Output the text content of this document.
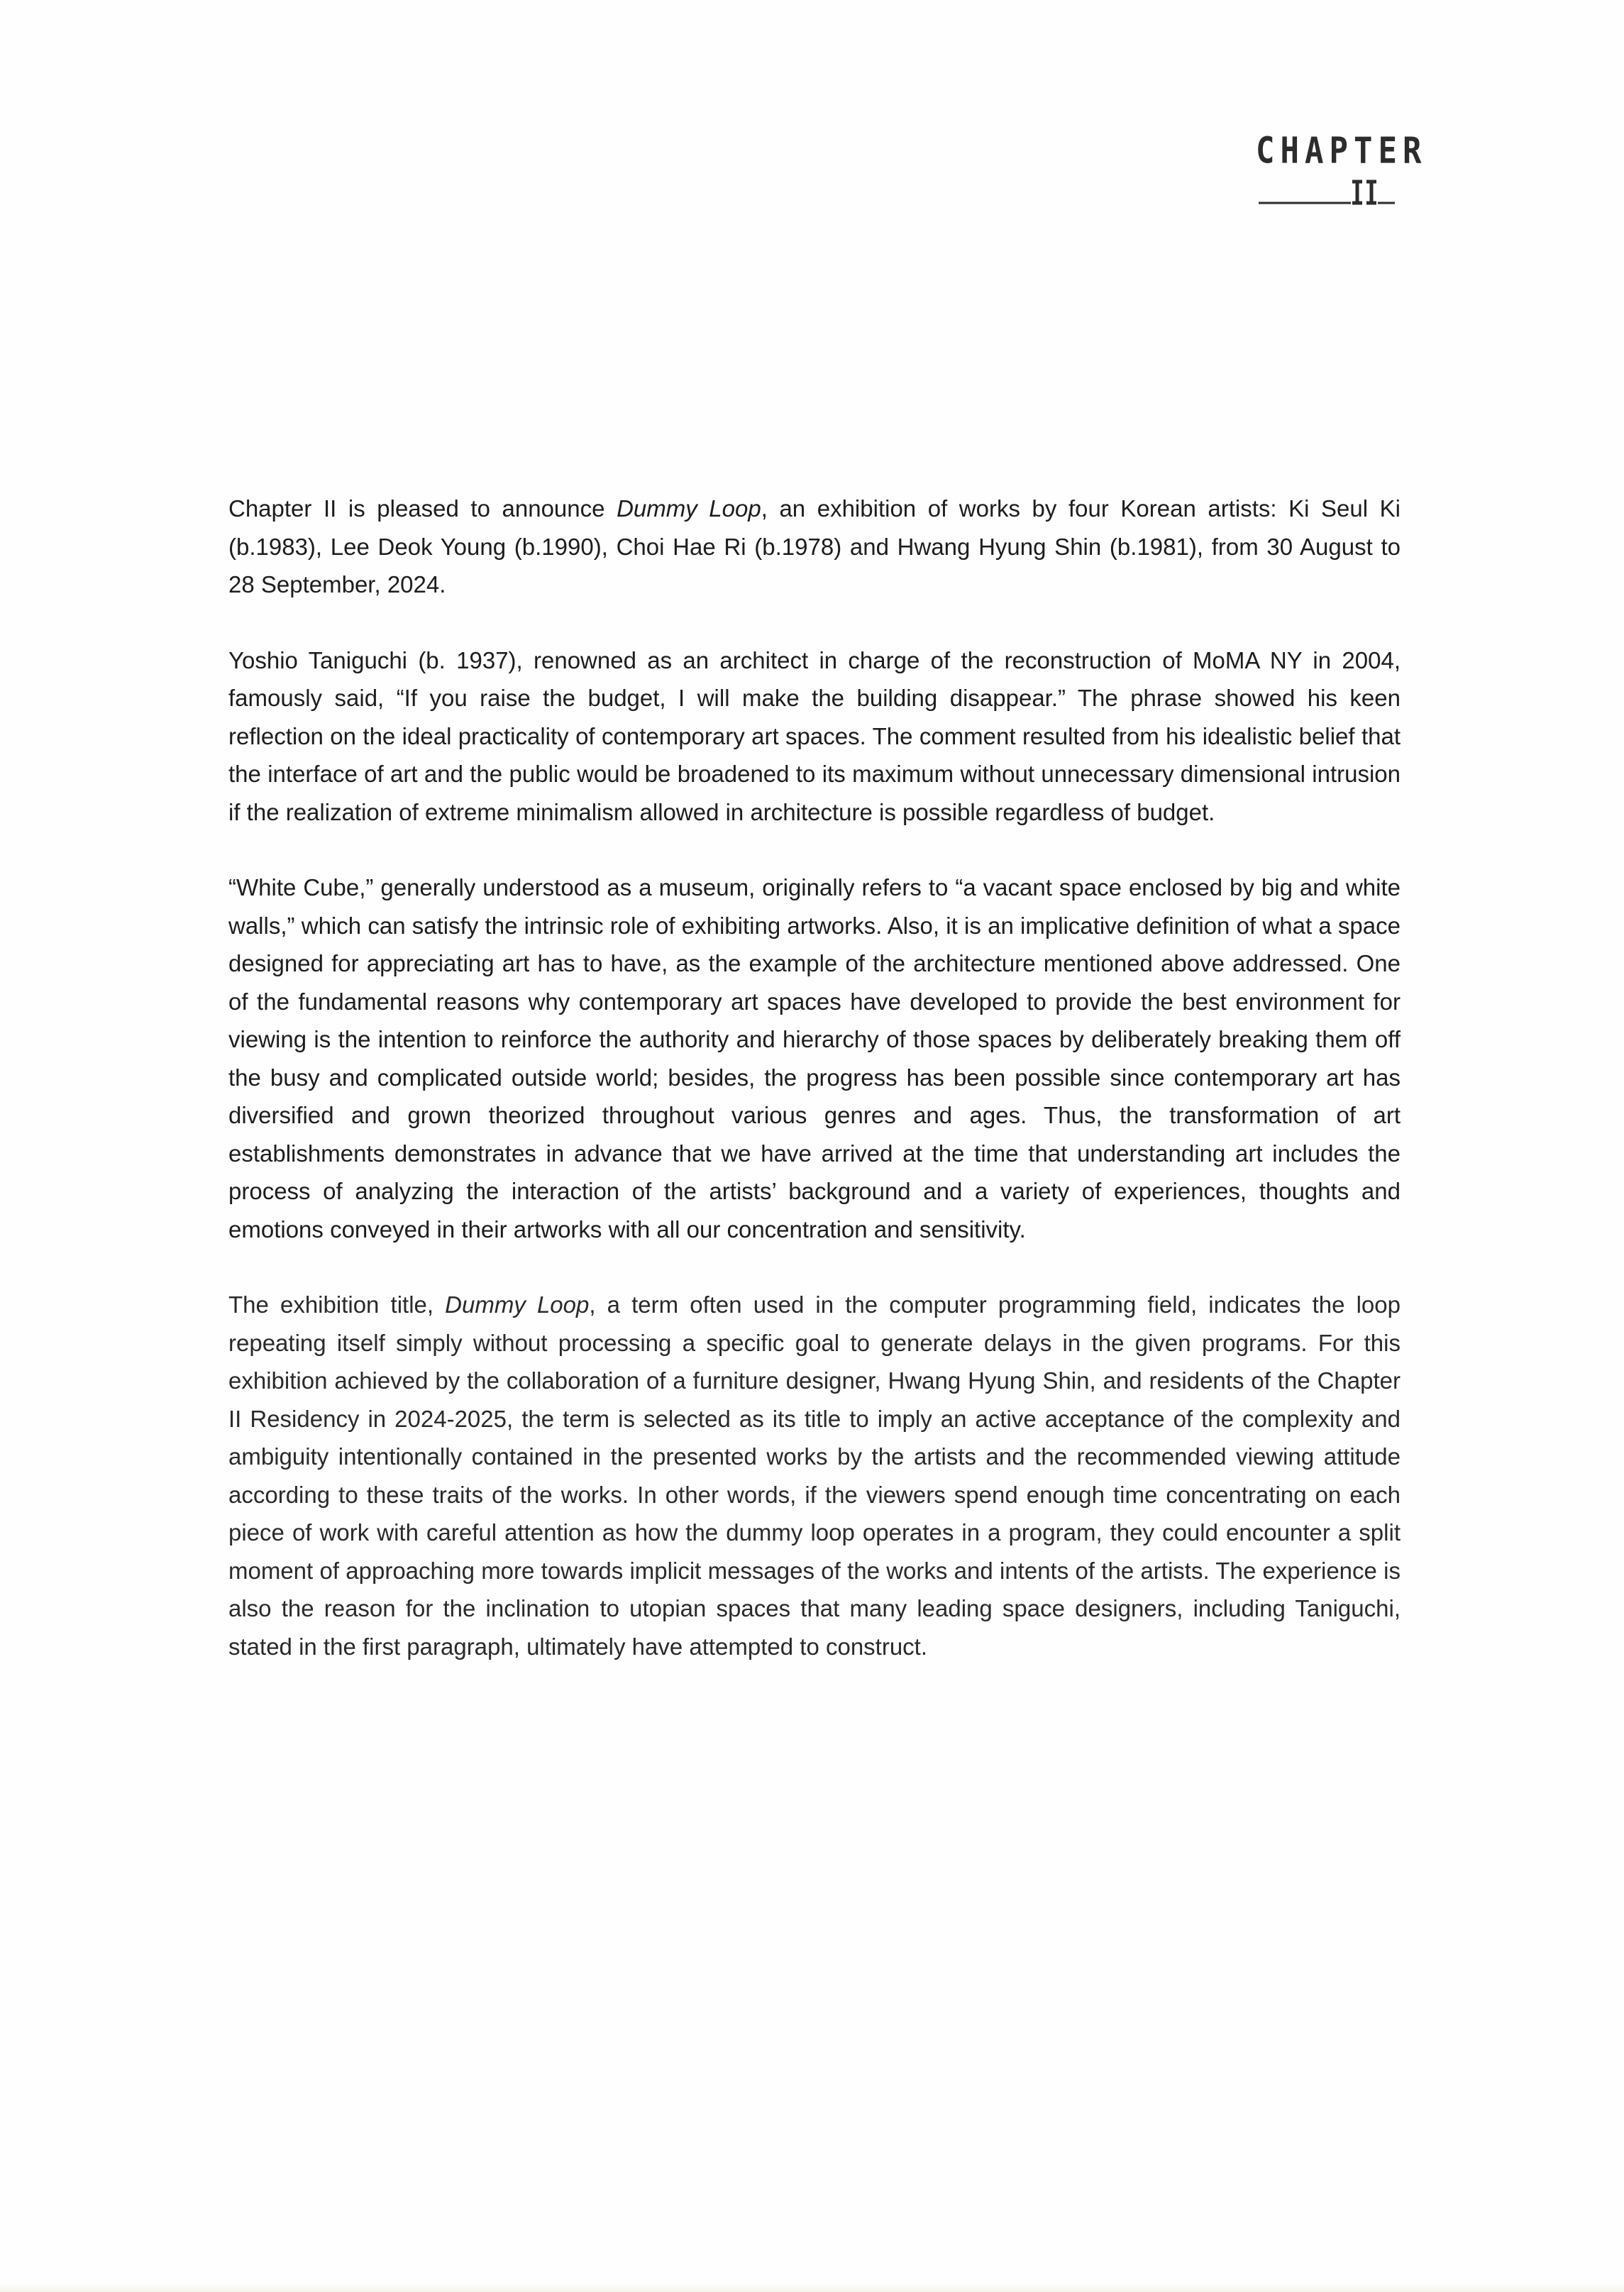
CHAPTER

Chapter II is pleased to announce Dummy Loop, an exhibition of works by four Korean artists: Ki Seul Ki (b.1983), Lee Deok Young (b.1990), Choi Hae Ri (b.1978) and Hwang Hyung Shin (b.1981), from 30 August to 28 September, 2024.

Yoshio Taniguchi (b. 1937), renowned as an architect in charge of the reconstruction of MoMA NY in 2004, famously said, “If you raise the budget, I will make the building disappear.” The phrase showed his keen reflection on the ideal practicality of contemporary art spaces. The comment resulted from his idealistic belief that the interface of art and the public would be broadened to its maximum without unnecessary dimensional intrusion if the realization of extreme minimalism allowed in architecture is possible regardless of budget.

“White Cube,” generally understood as a museum, originally refers to “a vacant space enclosed by big and white walls,” which can satisfy the intrinsic role of exhibiting artworks. Also, it is an implicative definition of what a space designed for appreciating art has to have, as the example of the architecture mentioned above addressed. One of the fundamental reasons why contemporary art spaces have developed to provide the best environment for viewing is the intention to reinforce the authority and hierarchy of those spaces by deliberately breaking them off the busy and complicated outside world; besides, the progress has been possible since contemporary art has diversified and grown theorized throughout various genres and ages. Thus, the transformation of art establishments demonstrates in advance that we have arrived at the time that understanding art includes the process of analyzing the interaction of the artists’ background and a variety of experiences, thoughts and emotions conveyed in their artworks with all our concentration and sensitivity.

The exhibition title, Dummy Loop, a term often used in the computer programming field, indicates the loop repeating itself simply without processing a specific goal to generate delays in the given programs. For this exhibition achieved by the collaboration of a furniture designer, Hwang Hyung Shin, and residents of the Chapter II Residency in 2024-2025, the term is selected as its title to imply an active acceptance of the complexity and ambiguity intentionally contained in the presented works by the artists and the recommended viewing attitude according to these traits of the works. In other words, if the viewers spend enough time concentrating on each piece of work with careful attention as how the dummy loop operates in a program, they could encounter a split moment of approaching more towards implicit messages of the works and intents of the artists. The experience is also the reason for the inclination to utopian spaces that many leading space designers, including Taniguchi, stated in the first paragraph, ultimately have attempted to construct.
